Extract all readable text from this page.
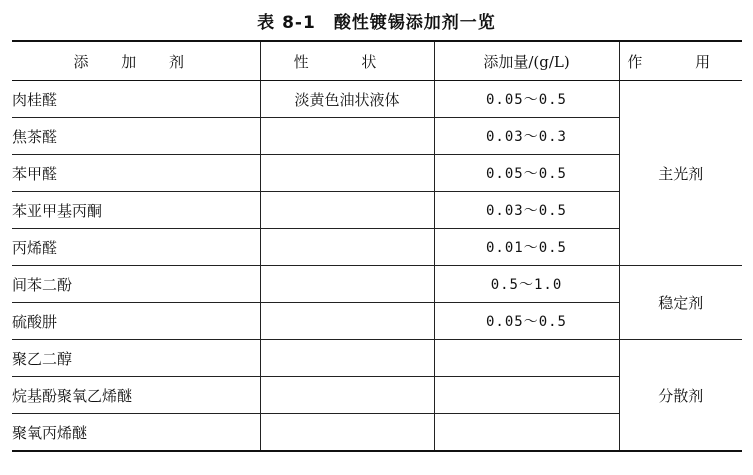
表 8-1 酸性镀锡添加剂一览
添 加 剂	性 状	添加量/(g/L)	作 用
肉桂醛	淡黄色油状液体	0.05～0.5	主光剂
焦茶醛		0.03～0.3	
苯甲醛		0.05～0.5	
苯亚甲基丙酮		0.03～0.5	
丙烯醛		0.01～0.5	
间苯二酚		0.5～1.0	稳定剂
硫酸肼		0.05～0.5	
聚乙二醇			分散剂
烷基酚聚氧乙烯醚			
聚氧丙烯醚			
